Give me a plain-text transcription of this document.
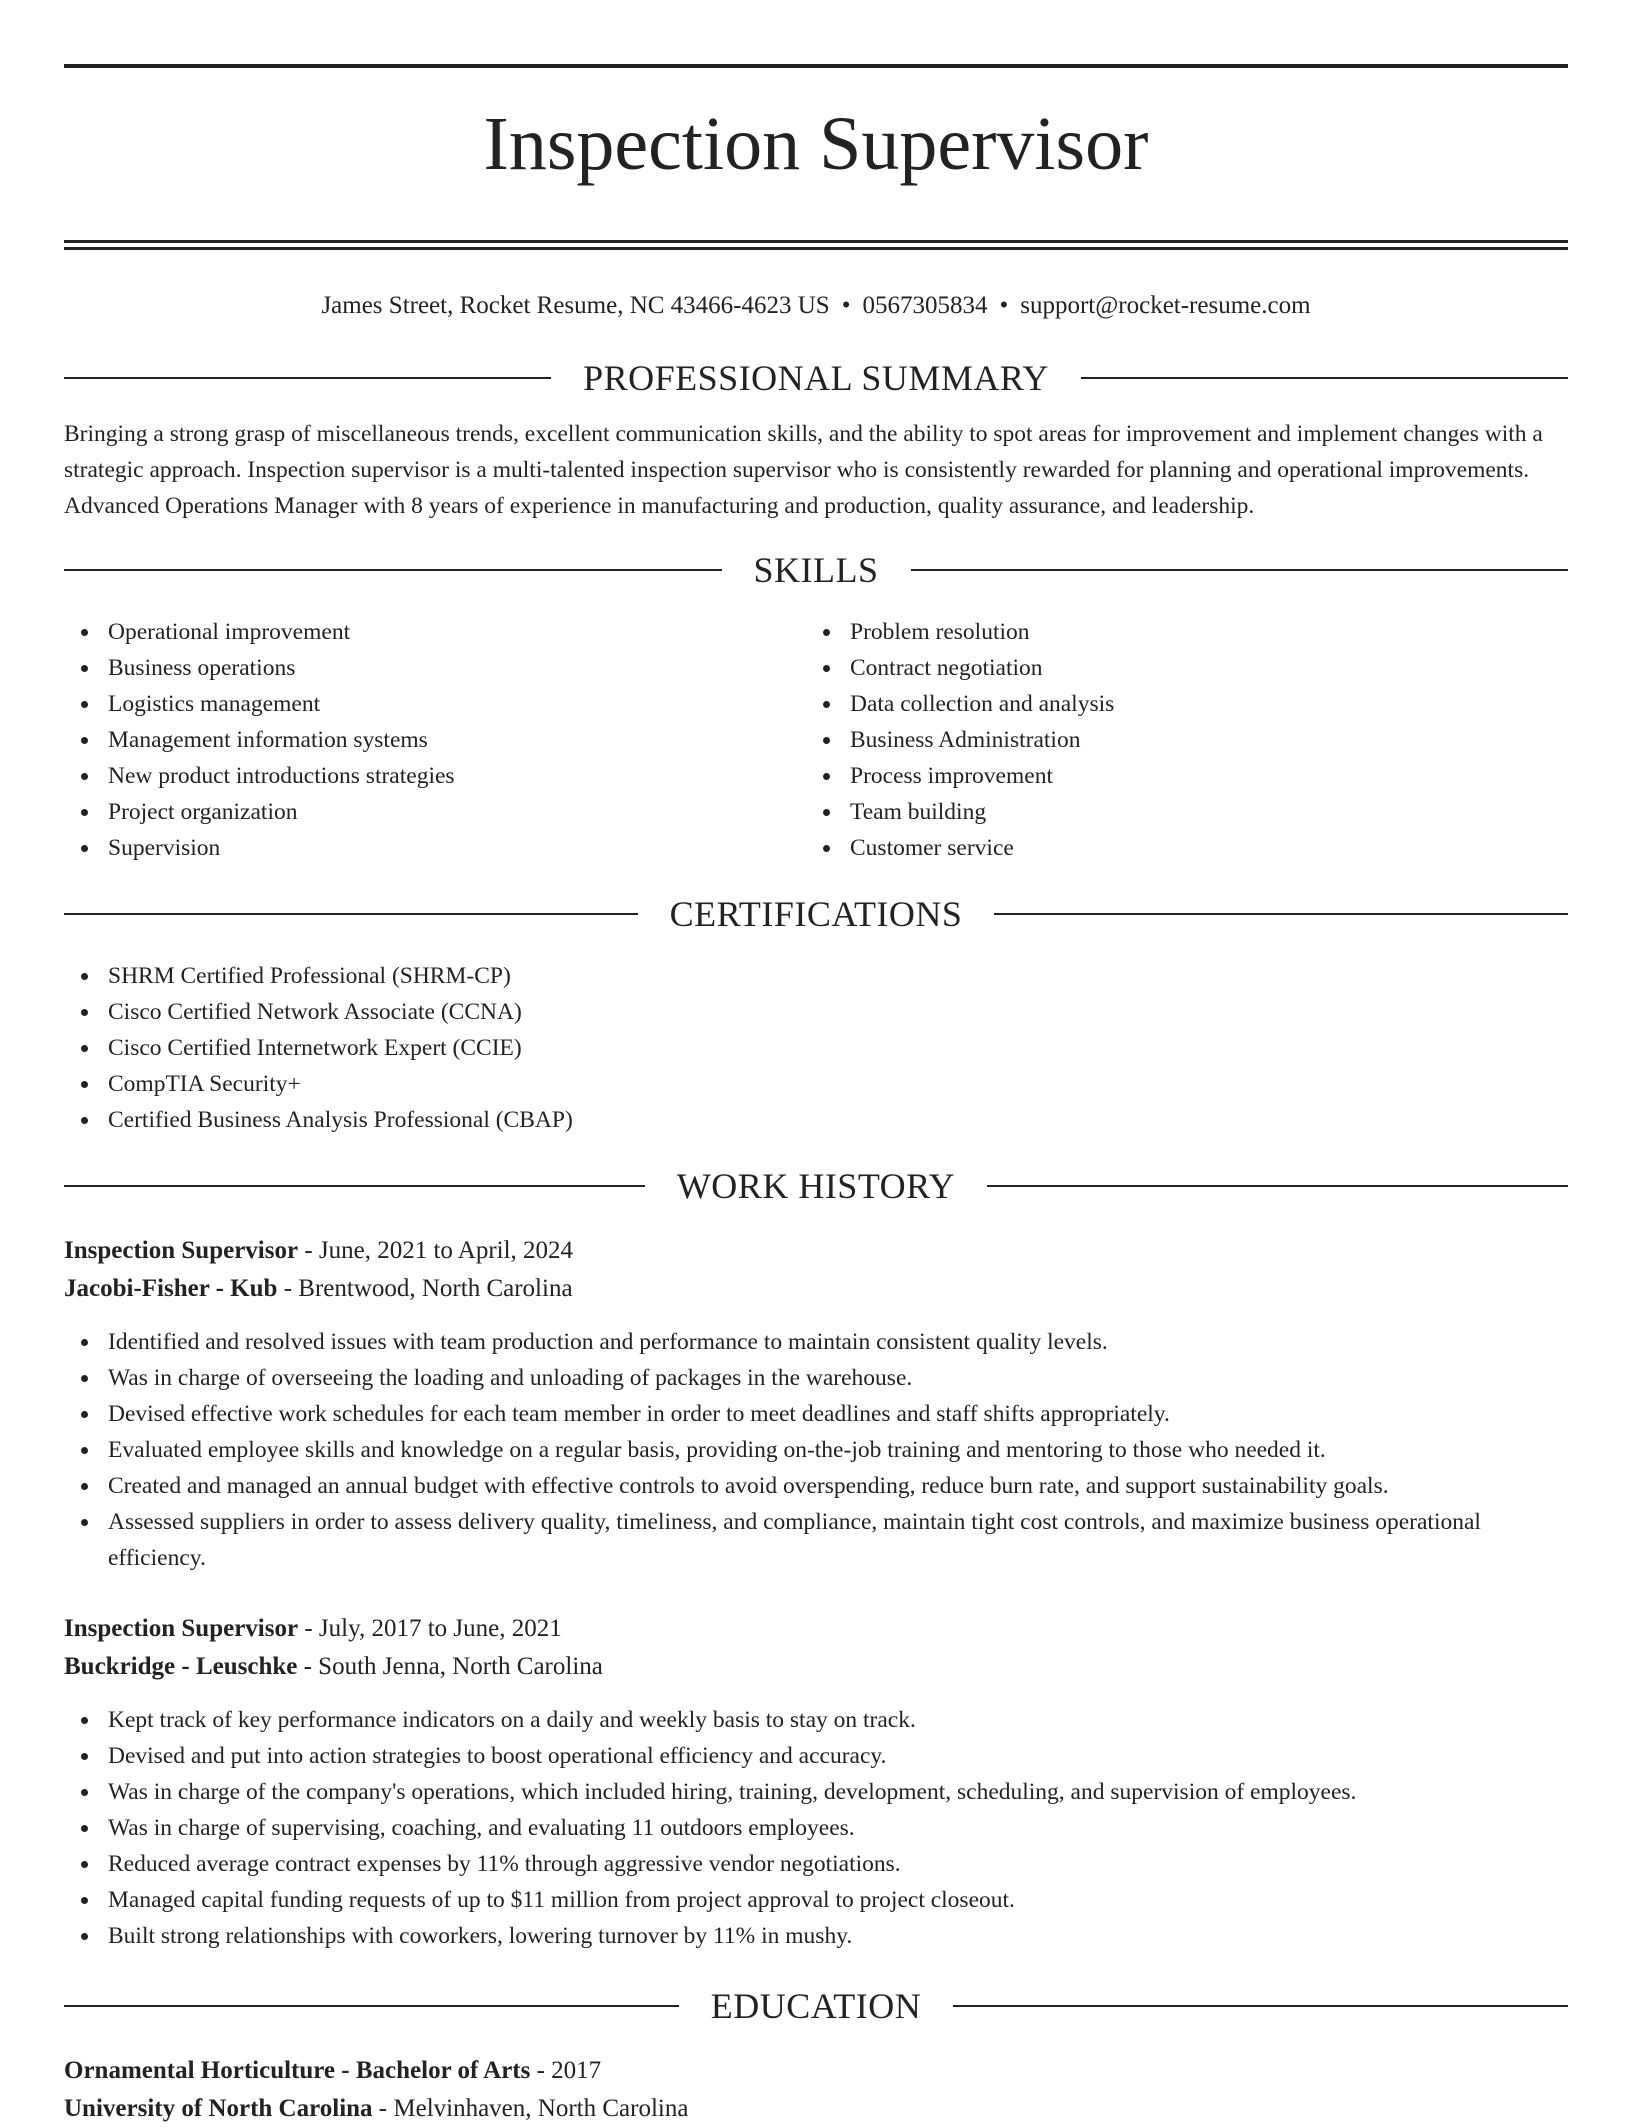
Inspection Supervisor
James Street, Rocket Resume, NC 43466-4623 US • 0567305834 • support@rocket-resume.com
PROFESSIONAL SUMMARY

Bringing a strong grasp of miscellaneous trends, excellent communication skills, and the ability to spot areas for improvement and implement changes with a strategic approach. Inspection supervisor is a multi-talented inspection supervisor who is consistently rewarded for planning and operational improvements. Advanced Operations Manager with 8 years of experience in manufacturing and production, quality assurance, and leadership.

SKILLS
Operational improvement
Business operations
Logistics management
Management information systems
New product introductions strategies
Project organization
Supervision
Problem resolution
Contract negotiation
Data collection and analysis
Business Administration
Process improvement
Team building
Customer service
CERTIFICATIONS
SHRM Certified Professional (SHRM-CP)
Cisco Certified Network Associate (CCNA)
Cisco Certified Internetwork Expert (CCIE)
CompTIA Security+
Certified Business Analysis Professional (CBAP)
WORK HISTORY
Inspection Supervisor - June, 2021 to April, 2024
Jacobi-Fisher - Kub - Brentwood, North Carolina
Identified and resolved issues with team production and performance to maintain consistent quality levels.
Was in charge of overseeing the loading and unloading of packages in the warehouse.
Devised effective work schedules for each team member in order to meet deadlines and staff shifts appropriately.
Evaluated employee skills and knowledge on a regular basis, providing on-the-job training and mentoring to those who needed it.
Created and managed an annual budget with effective controls to avoid overspending, reduce burn rate, and support sustainability goals.
Assessed suppliers in order to assess delivery quality, timeliness, and compliance, maintain tight cost controls, and maximize business operational efficiency.
Inspection Supervisor - July, 2017 to June, 2021
Buckridge - Leuschke - South Jenna, North Carolina
Kept track of key performance indicators on a daily and weekly basis to stay on track.
Devised and put into action strategies to boost operational efficiency and accuracy.
Was in charge of the company's operations, which included hiring, training, development, scheduling, and supervision of employees.
Was in charge of supervising, coaching, and evaluating 11 outdoors employees.
Reduced average contract expenses by 11% through aggressive vendor negotiations.
Managed capital funding requests of up to $11 million from project approval to project closeout.
Built strong relationships with coworkers, lowering turnover by 11% in mushy.
EDUCATION
Ornamental Horticulture - Bachelor of Arts - 2017
University of North Carolina - Melvinhaven, North Carolina
